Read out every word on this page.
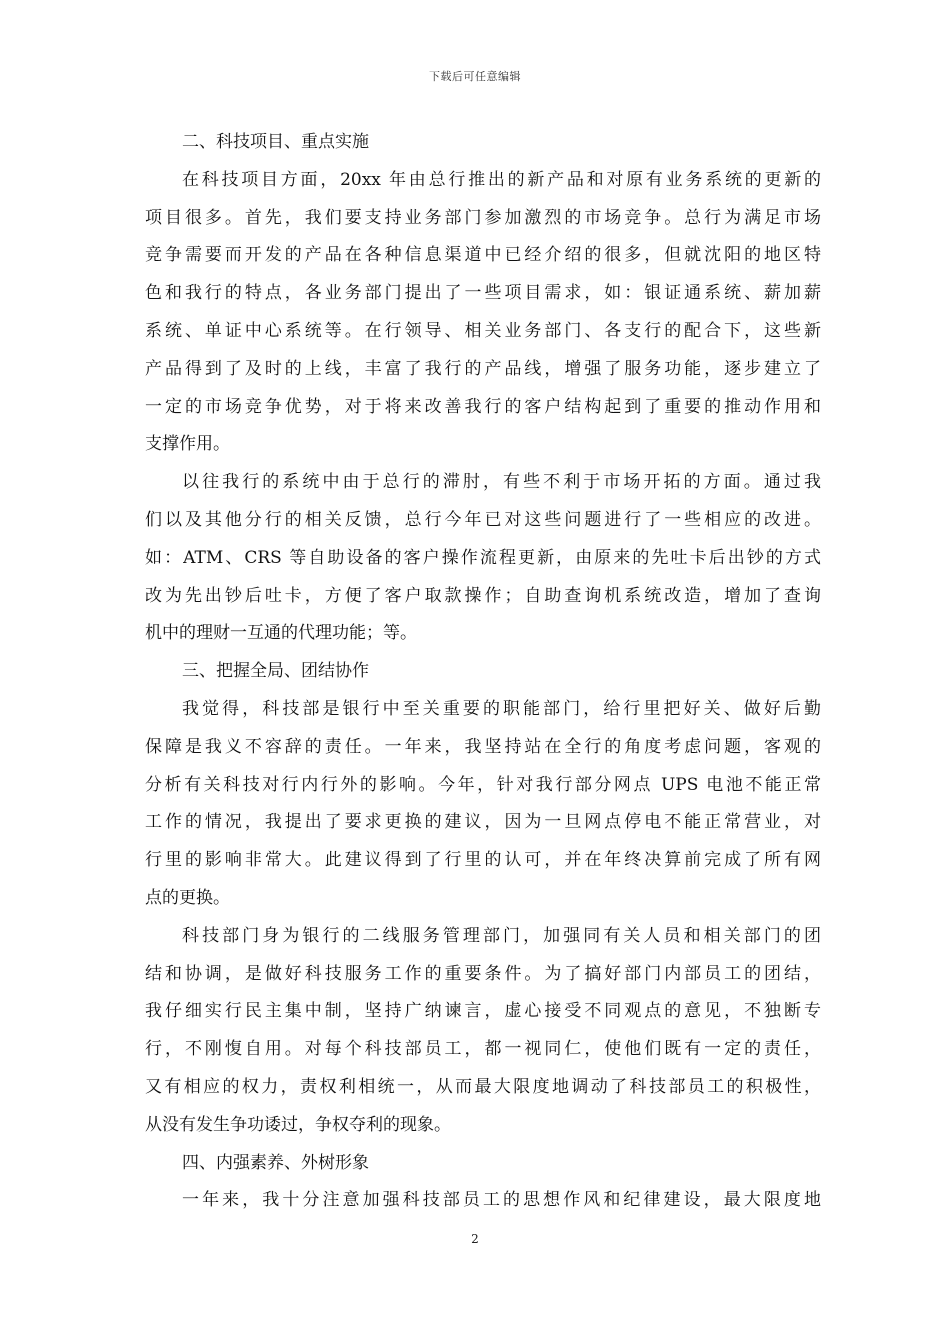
下载后可任意编辑
二、科技项目、重点实施
在科技项目方面，20xx 年由总行推出的新产品和对原有业务系统的更新的
项目很多。首先，我们要支持业务部门参加激烈的市场竞争。总行为满足市场
竞争需要而开发的产品在各种信息渠道中已经介绍的很多，但就沈阳的地区特
色和我行的特点，各业务部门提出了一些项目需求，如：银证通系统、薪加薪
系统、单证中心系统等。在行领导、相关业务部门、各支行的配合下，这些新
产品得到了及时的上线，丰富了我行的产品线，增强了服务功能，逐步建立了
一定的市场竞争优势，对于将来改善我行的客户结构起到了重要的推动作用和
支撑作用。
以往我行的系统中由于总行的滞肘，有些不利于市场开拓的方面。通过我
们以及其他分行的相关反馈，总行今年已对这些问题进行了一些相应的改进。
如：ATM、CRS 等自助设备的客户操作流程更新，由原来的先吐卡后出钞的方式
改为先出钞后吐卡，方便了客户取款操作；自助查询机系统改造，增加了查询
机中的理财一互通的代理功能；等。
三、把握全局、团结协作
我觉得，科技部是银行中至关重要的职能部门，给行里把好关、做好后勤
保障是我义不容辞的责任。一年来，我坚持站在全行的角度考虑问题，客观的
分析有关科技对行内行外的影响。今年，针对我行部分网点 UPS 电池不能正常
工作的情况，我提出了要求更换的建议，因为一旦网点停电不能正常营业，对
行里的影响非常大。此建议得到了行里的认可，并在年终决算前完成了所有网
点的更换。
科技部门身为银行的二线服务管理部门，加强同有关人员和相关部门的团
结和协调，是做好科技服务工作的重要条件。为了搞好部门内部员工的团结，
我仔细实行民主集中制，坚持广纳谏言，虚心接受不同观点的意见，不独断专
行，不刚愎自用。对每个科技部员工，都一视同仁，使他们既有一定的责任，
又有相应的权力，责权利相统一，从而最大限度地调动了科技部员工的积极性，
从没有发生争功诿过，争权夺利的现象。
四、内强素养、外树形象
一年来，我十分注意加强科技部员工的思想作风和纪律建设，最大限度地
2
